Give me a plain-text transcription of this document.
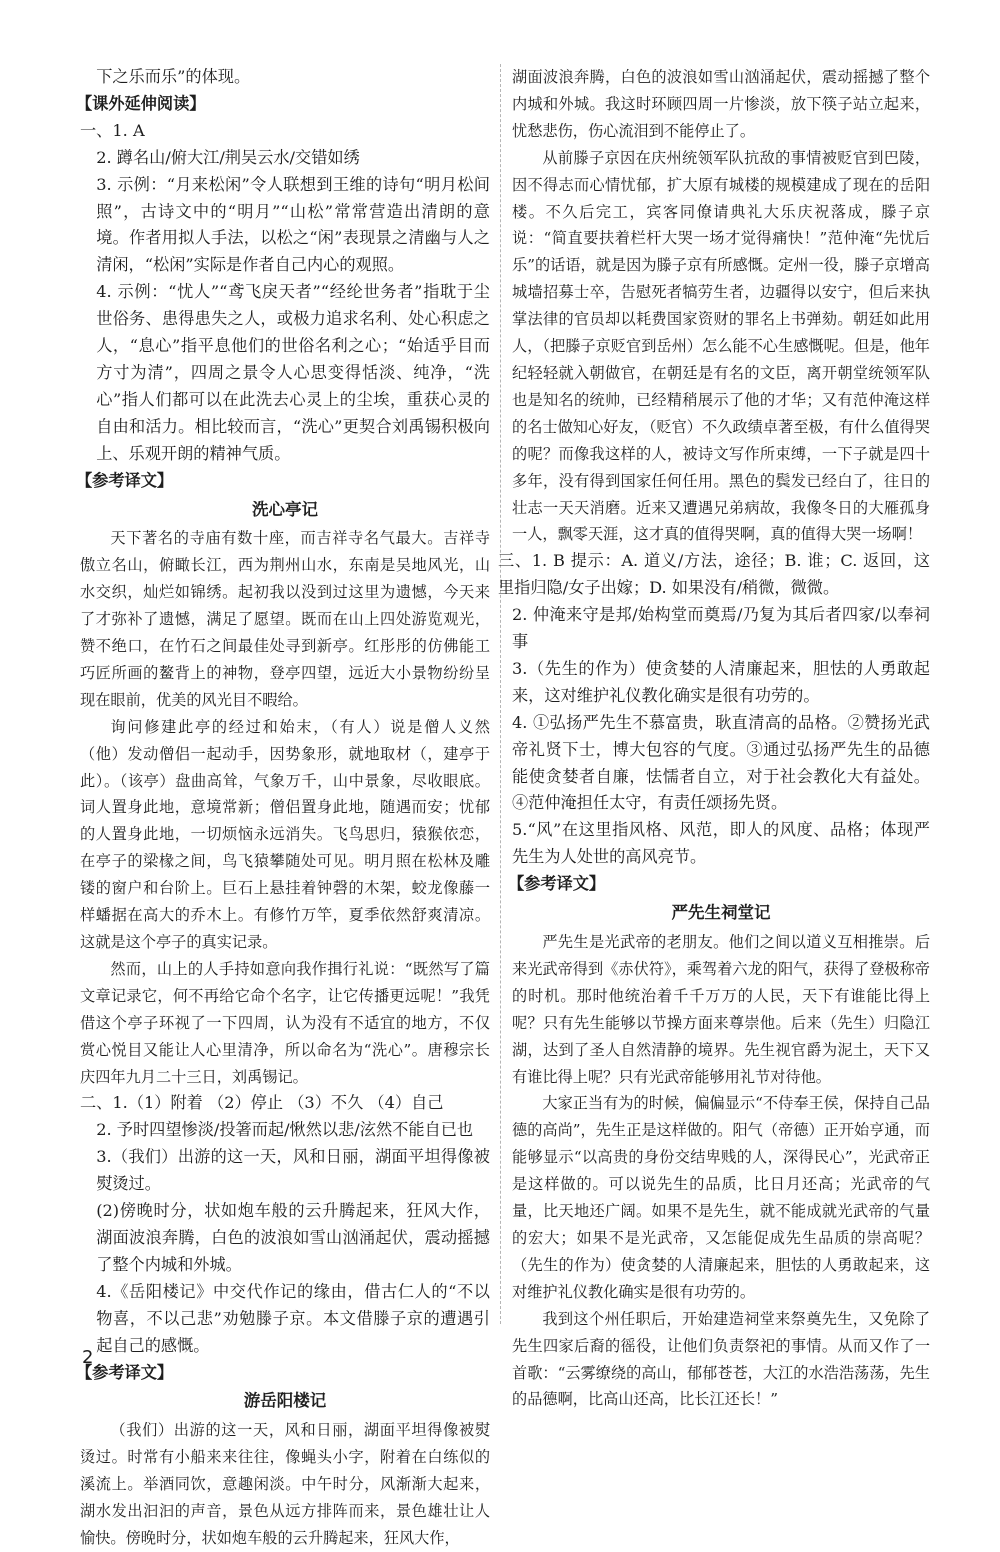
下之乐而乐”的体现。

【课外延伸阅读】

一、1. A

2. 蹲名山/俯大江/荆吴云水/交错如绣

3. 示例：“月来松闲”令人联想到王维的诗句“明月松间照”，古诗文中的“明月”“山松”常常营造出清朗的意境。作者用拟人手法，以松之“闲”表现景之清幽与人之清闲，“松闲”实际是作者自己内心的观照。

4. 示例：“忧人”“鸢飞戾天者”“经纶世务者”指耽于尘世俗务、患得患失之人，或极力追求名利、处心积虑之人，“息心”指平息他们的世俗名利之心；“始适乎目而方寸为清”，四周之景令人心思变得恬淡、纯净，“洗心”指人们都可以在此洗去心灵上的尘埃，重获心灵的自由和活力。相比较而言，“洗心”更契合刘禹锡积极向上、乐观开朗的精神气质。

【参考译文】

洗心亭记

天下著名的寺庙有数十座，而吉祥寺名气最大。吉祥寺傲立名山，俯瞰长江，西为荆州山水，东南是吴地风光，山水交织，灿烂如锦绣。起初我以没到过这里为遗憾，今天来了才弥补了遗憾，满足了愿望。既而在山上四处游览观光，赞不绝口，在竹石之间最佳处寻到新亭。红彤彤的仿佛能工巧匠所画的鳌背上的神物，登亭四望，远近大小景物纷纷呈现在眼前，优美的风光目不暇给。

询问修建此亭的经过和始末，（有人）说是僧人义然（他）发动僧侣一起动手，因势象形，就地取材（，建亭于此）。（该亭）盘曲高耸，气象万千，山中景象，尽收眼底。词人置身此地，意境常新；僧侣置身此地，随遇而安；忧郁的人置身此地，一切烦恼永远消失。飞鸟思归，猿猴依恋，在亭子的梁椽之间，鸟飞猿攀随处可见。明月照在松林及雕镂的窗户和台阶上。巨石上悬挂着钟磬的木架，蛟龙像藤一样蟠据在高大的乔木上。有修竹万竿，夏季依然舒爽清凉。这就是这个亭子的真实记录。

然而，山上的人手持如意向我作揖行礼说：“既然写了篇文章记录它，何不再给它命个名字，让它传播更远呢！”我凭借这个亭子环视了一下四周，认为没有不适宜的地方，不仅赏心悦目又能让人心里清净，所以命名为“洗心”。唐穆宗长庆四年九月二十三日，刘禹锡记。

二、1.（1）附着 （2）停止 （3）不久 （4）自己

2. 予时四望惨淡/投箸而起/愀然以悲/泫然不能自已也

3.（我们）出游的这一天，风和日丽，湖面平坦得像被熨烫过。

(2)傍晚时分，状如炮车般的云升腾起来，狂风大作，湖面波浪奔腾，白色的波浪如雪山汹涌起伏，震动摇撼了整个内城和外城。

4.《岳阳楼记》中交代作记的缘由，借古仁人的“不以物喜，不以己悲”劝勉滕子京。本文借滕子京的遭遇引起自己的感慨。

【参考译文】

游岳阳楼记

（我们）出游的这一天，风和日丽，湖面平坦得像被熨烫过。时常有小船来来往往，像蝇头小字，附着在白练似的溪流上。举酒同饮，意趣闲淡。中午时分，风渐渐大起来，湖水发出汩汩的声音，景色从远方排阵而来，景色雄壮让人愉快。傍晚时分，状如炮车般的云升腾起来，狂风大作，

湖面波浪奔腾，白色的波浪如雪山汹涌起伏，震动摇撼了整个内城和外城。我这时环顾四周一片惨淡，放下筷子站立起来，忧愁悲伤，伤心流泪到不能停止了。

从前滕子京因在庆州统领军队抗敌的事情被贬官到巴陵，因不得志而心情忧郁，扩大原有城楼的规模建成了现在的岳阳楼。不久后完工，宾客同僚请典礼大乐庆祝落成，滕子京说：“简直要扶着栏杆大哭一场才觉得痛快！”范仲淹“先忧后乐”的话语，就是因为滕子京有所感慨。定州一役，滕子京增高城墙招募士卒，告慰死者犒劳生者，边疆得以安宁，但后来执掌法律的官员却以耗费国家资财的罪名上书弹劾。朝廷如此用人，（把滕子京贬官到岳州）怎么能不心生感慨呢。但是，他年纪轻轻就入朝做官，在朝廷是有名的文臣，离开朝堂统领军队也是知名的统帅，已经精稍展示了他的才华；又有范仲淹这样的名士做知心好友，（贬官）不久政绩卓著至极，有什么值得哭的呢？而像我这样的人，被诗文写作所束缚，一下子就是四十多年，没有得到国家任何任用。黑色的鬓发已经白了，往日的壮志一天天消磨。近来又遭遇兄弟病故，我像冬日的大雁孤身一人，飘零天涯，这才真的值得哭啊，真的值得大哭一场啊！

三、1. B 提示：A. 道义/方法，途径；B. 谁；C. 返回，这里指归隐/女子出嫁；D. 如果没有/稍微，微微。

2. 仲淹来守是邦/始构堂而奠焉/乃复为其后者四家/以奉祠事

3.（先生的作为）使贪婪的人清廉起来，胆怯的人勇敢起来，这对维护礼仪教化确实是很有功劳的。

4. ①弘扬严先生不慕富贵，耿直清高的品格。②赞扬光武帝礼贤下士，博大包容的气度。③通过弘扬严先生的品德能使贪婪者自廉，怯懦者自立，对于社会教化大有益处。④范仲淹担任太守，有责任颂扬先贤。

5.“风”在这里指风格、风范，即人的风度、品格；体现严先生为人处世的高风亮节。

【参考译文】

严先生祠堂记

严先生是光武帝的老朋友。他们之间以道义互相推崇。后来光武帝得到《赤伏符》，乘驾着六龙的阳气，获得了登极称帝的时机。那时他统治着千千万万的人民，天下有谁能比得上呢？只有先生能够以节操方面来尊崇他。后来（先生）归隐江湖，达到了圣人自然清静的境界。先生视官爵为泥土，天下又有谁比得上呢？只有光武帝能够用礼节对待他。

大家正当有为的时候，偏偏显示“不侍奉王侯，保持自己品德的高尚”，先生正是这样做的。阳气（帝德）正开始亨通，而能够显示“以高贵的身份交结卑贱的人，深得民心”，光武帝正是这样做的。可以说先生的品质，比日月还高；光武帝的气量，比天地还广阔。如果不是先生，就不能成就光武帝的气量的宏大；如果不是光武帝，又怎能促成先生品质的崇高呢？（先生的作为）使贪婪的人清廉起来，胆怯的人勇敢起来，这对维护礼仪教化确实是很有功劳的。

我到这个州任职后，开始建造祠堂来祭奠先生，又免除了先生四家后裔的徭役，让他们负责祭祀的事情。从而又作了一首歌：“云雾缭绕的高山，郁郁苍苍，大江的水浩浩荡荡，先生的品德啊，比高山还高，比长江还长！”

2
